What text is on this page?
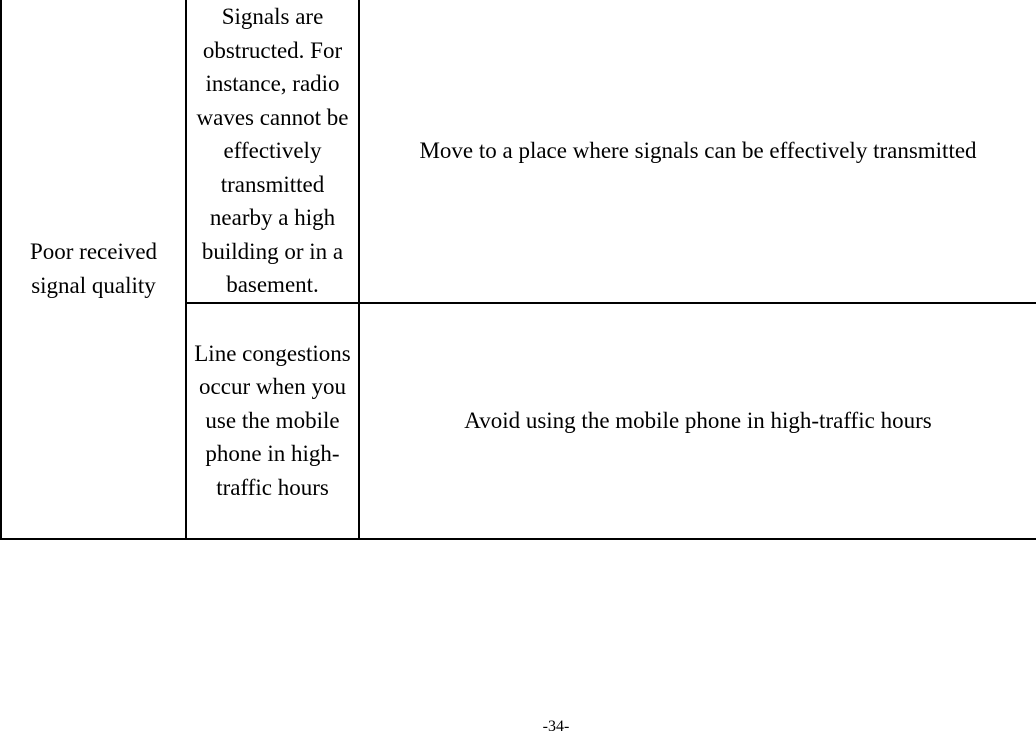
Poor received signal quality	Signals are obstructed. For instance, radio waves cannot be effectively transmitted nearby a high building or in a basement.	Move to a place where signals can be effectively transmitted
	Line congestions occur when you use the mobile phone in high-traffic hours	Avoid using the mobile phone in high-traffic hours
-34-
